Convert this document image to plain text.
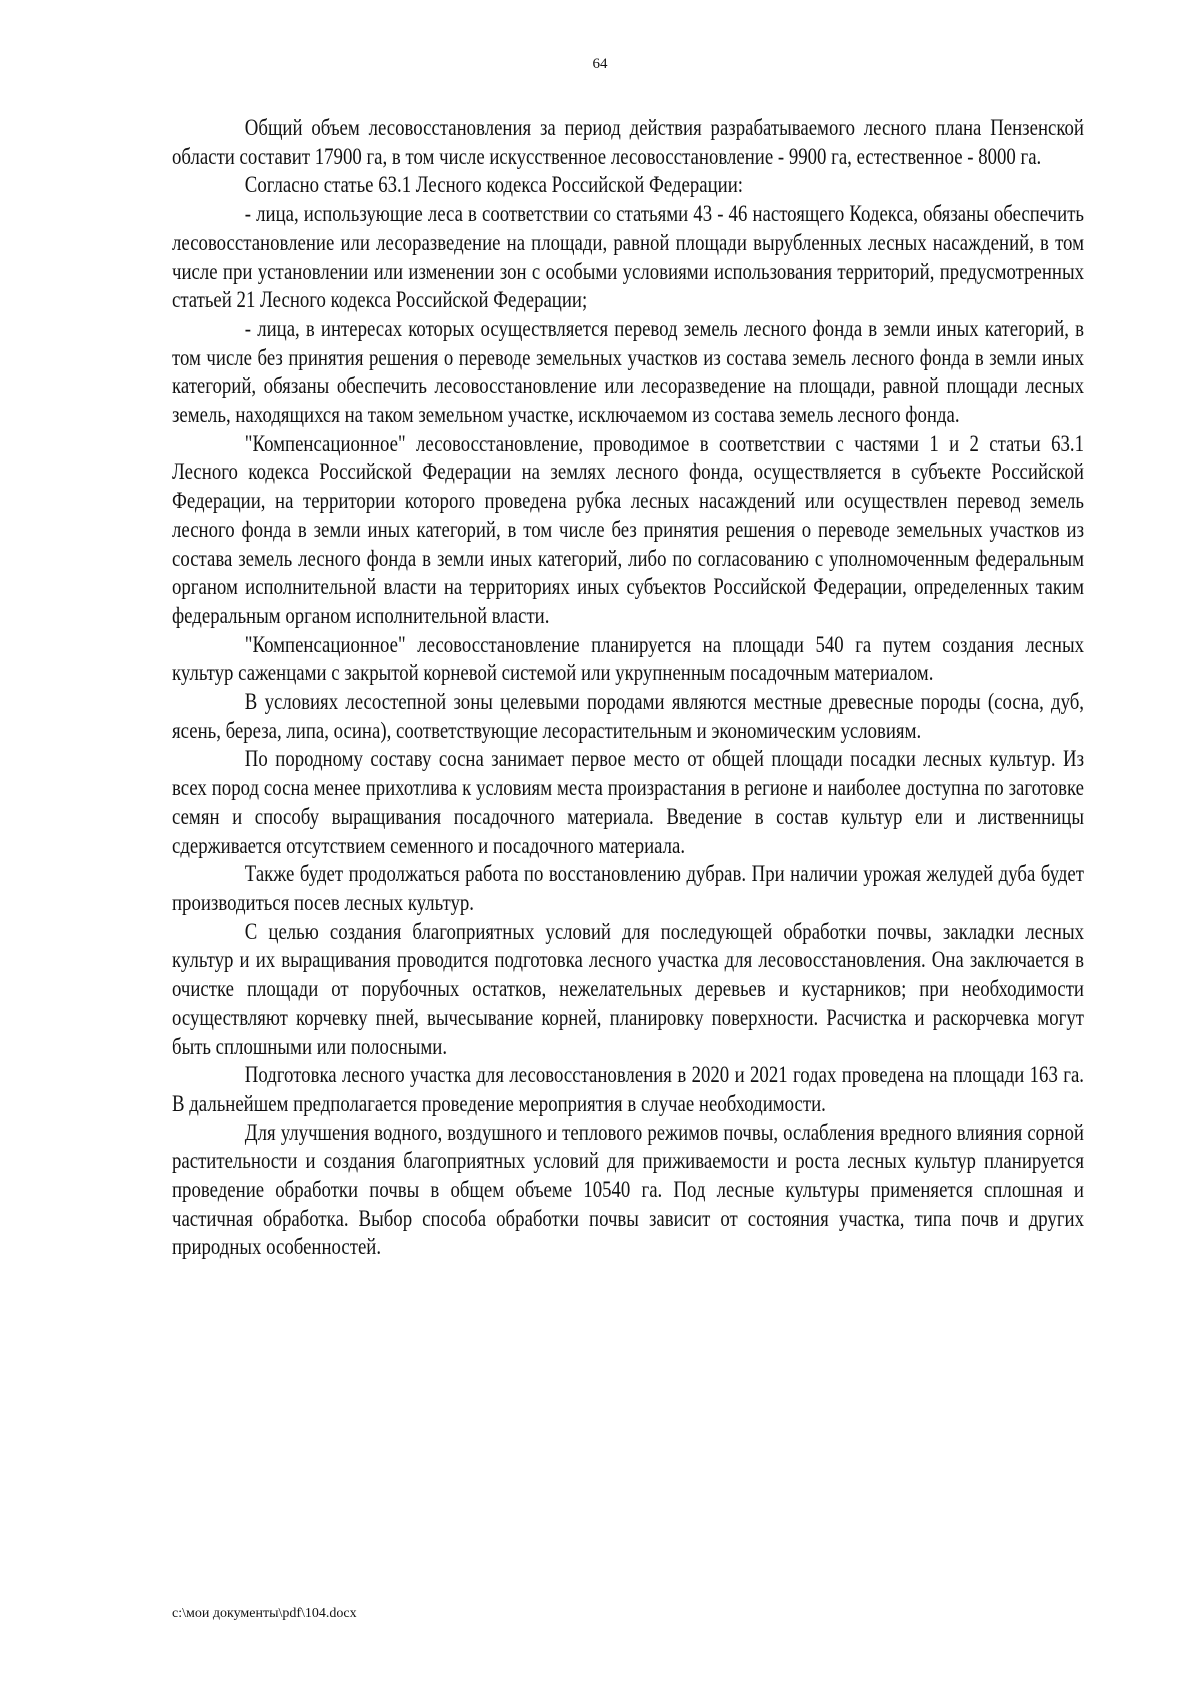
64

Общий объем лесовосстановления за период действия разрабатываемого лесного плана Пензенской области составит 17900 га, в том числе искусственное лесовосстановление - 9900 га, естественное - 8000 га.

Согласно статье 63.1 Лесного кодекса Российской Федерации:

- лица, использующие леса в соответствии со статьями 43 - 46 настоящего Кодекса, обязаны обеспечить лесовосстановление или лесоразведение на площади, равной площади вырубленных лесных насаждений, в том числе при установлении или изменении зон с особыми условиями использования территорий, предусмотренных статьей 21 Лесного кодекса Российской Федерации;

- лица, в интересах которых осуществляется перевод земель лесного фонда в земли иных категорий, в том числе без принятия решения о переводе земельных участков из состава земель лесного фонда в земли иных категорий, обязаны обеспечить лесовосстановление или лесоразведение на площади, равной площади лесных земель, находящихся на таком земельном участке, исключаемом из состава земель лесного фонда.

"Компенсационное" лесовосстановление, проводимое в соответствии с частями 1 и 2 статьи 63.1 Лесного кодекса Российской Федерации на землях лесного фонда, осуществляется в субъекте Российской Федерации, на территории которого проведена рубка лесных насаждений или осуществлен перевод земель лесного фонда в земли иных категорий, в том числе без принятия решения о переводе земельных участков из состава земель лесного фонда в земли иных категорий, либо по согласованию с уполномоченным федеральным органом исполнительной власти на территориях иных субъектов Российской Федерации, определенных таким федеральным органом исполнительной власти.

"Компенсационное" лесовосстановление планируется на площади 540 га путем создания лесных культур саженцами с закрытой корневой системой или укрупненным посадочным материалом.

В условиях лесостепной зоны целевыми породами являются местные древесные породы (сосна, дуб, ясень, береза, липа, осина), соответствующие лесорастительным и экономическим условиям.

По породному составу сосна занимает первое место от общей площади посадки лесных культур. Из всех пород сосна менее прихотлива к условиям места произрастания в регионе и наиболее доступна по заготовке семян и способу выращивания посадочного материала. Введение в состав культур ели и лиственницы сдерживается отсутствием семенного и посадочного материала.

Также будет продолжаться работа по восстановлению дубрав. При наличии урожая желудей дуба будет производиться посев лесных культур.

С целью создания благоприятных условий для последующей обработки почвы, закладки лесных культур и их выращивания проводится подготовка лесного участка для лесовосстановления. Она заключается в очистке площади от порубочных остатков, нежелательных деревьев и кустарников; при необходимости осуществляют корчевку пней, вычесывание корней, планировку поверхности. Расчистка и раскорчевка могут быть сплошными или полосными.

Подготовка лесного участка для лесовосстановления в 2020 и 2021 годах проведена на площади 163 га. В дальнейшем предполагается проведение мероприятия в случае необходимости.

Для улучшения водного, воздушного и теплового режимов почвы, ослабления вредного влияния сорной растительности и создания благоприятных условий для приживаемости и роста лесных культур планируется проведение обработки почвы в общем объеме 10540 га. Под лесные культуры применяется сплошная и частичная обработка. Выбор способа обработки почвы зависит от состояния участка, типа почв и других природных особенностей.

c:\мои документы\pdf\104.docx
